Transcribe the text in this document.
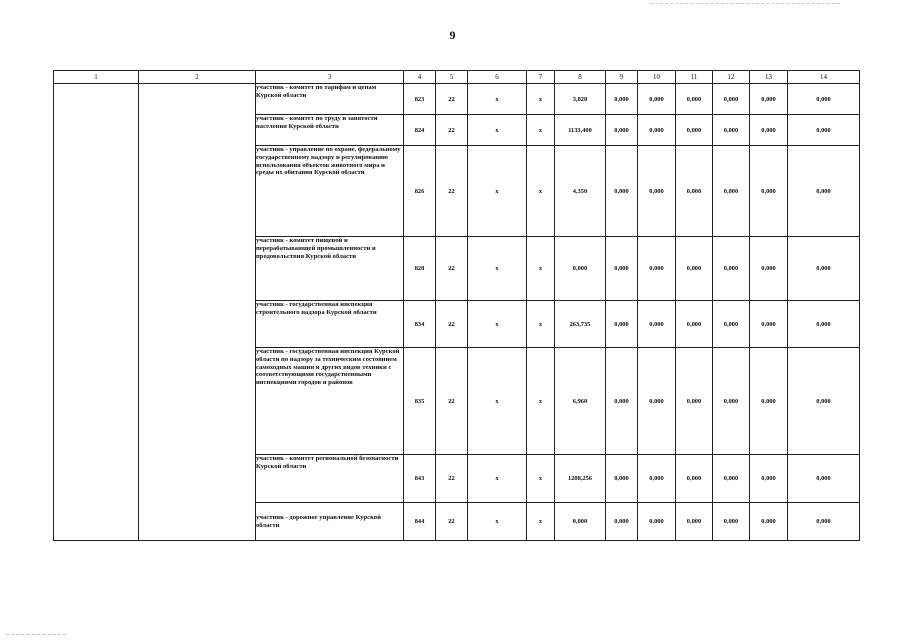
9
1	2	3	4	5	6	7	8	9	10	11	12	13	14
		участник - комитет по тарифам и ценам Курской области	823	22	x	x	3,828	0,000	0,000	0,000	0,000	0,000	0,000
		участник - комитет по труду и занятости населения Курской области	824	22	x	x	1133,400	0,000	0,000	0,000	0,000	0,000	0,000
		участник - управление по охране, федеральному государственному надзору и регулированию использования объектов животного мира и среды их обитания Курской области	826	22	x	x	4,350	0,000	0,000	0,000	0,000	0,000	0,000
		участник - комитет пищевой и перерабатывающей промышленности и продовольствия Курской области	828	22	x	x	0,000	0,000	0,000	0,000	0,000	0,000	0,000
		участник - государственная инспекция строительного надзора Курской области	834	22	x	x	263,735	0,000	0,000	0,000	0,000	0,000	0,000
		участник - государственная инспекция Курской области по надзору за техническим состоянием самоходных машин и других видов техники с соответствующими государственными инспекциями городов и районов	835	22	x	x	6,960	0,000	0,000	0,000	0,000	0,000	0,000
		участник - комитет региональной безопасности Курской области	843	22	x	x	1208,256	0,000	0,000	0,000	0,000	0,000	0,000
		участник - дорожное управление Курской области	844	22	x	x	0,000	0,000	0,000	0,000	0,000	0,000	0,000
